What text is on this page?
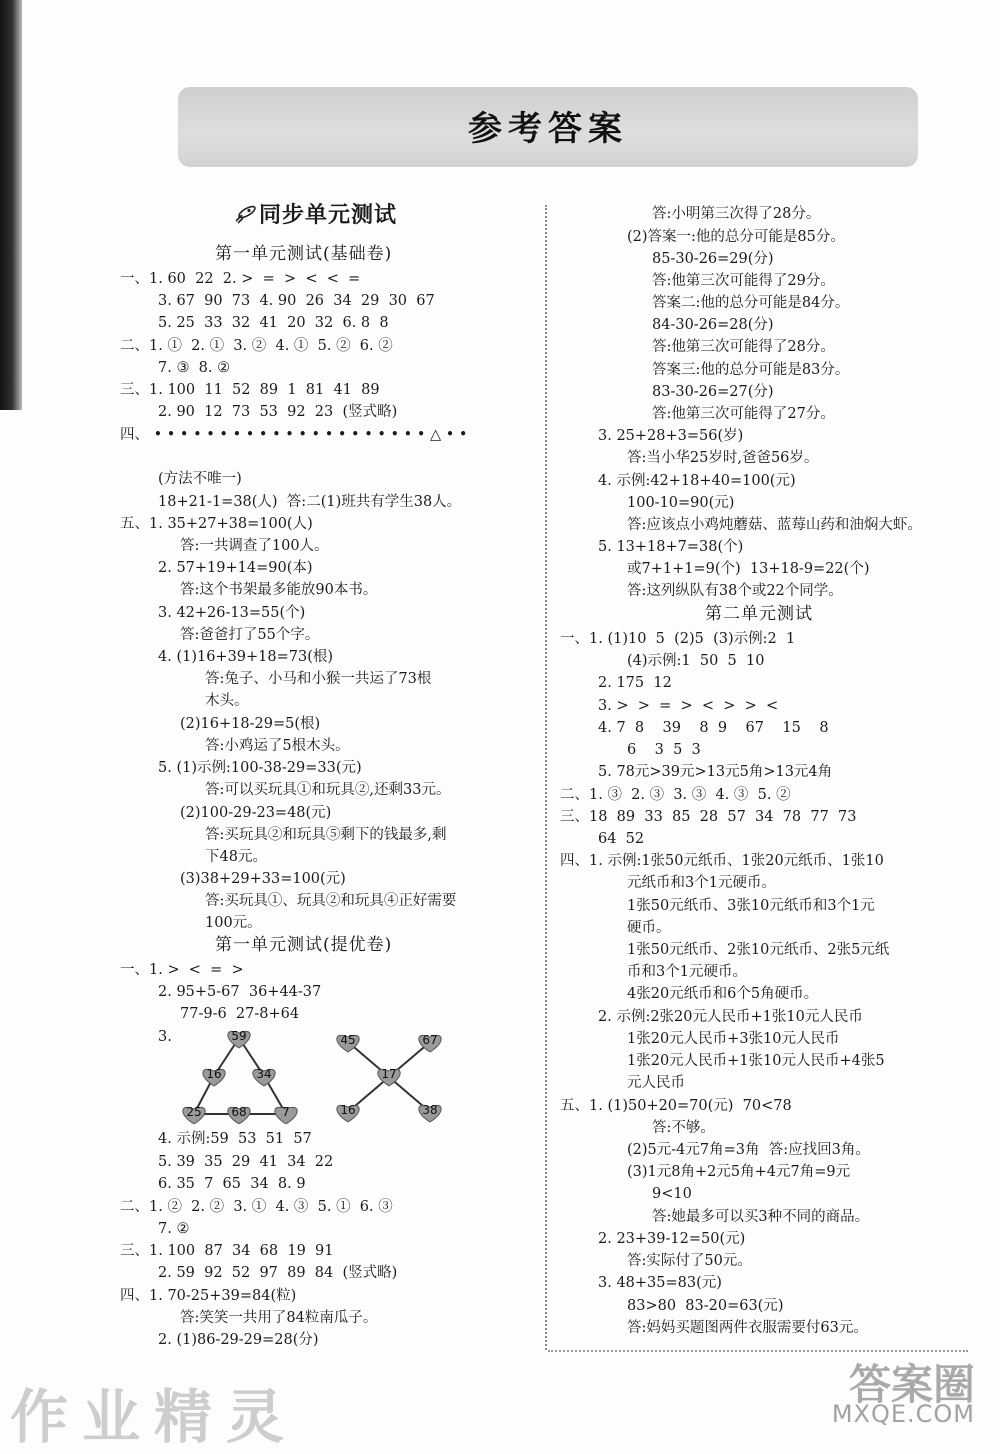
参考答案
同步单元测试
第一单元测试(基础卷)
一、1. 60  22  2. >  =  >  <  <  =
3. 67  90  73  4. 90  26  34  29  30  67
5. 25  33  32  41  20  32  6. 8  8
二、1. ①  2. ①  3. ②  4. ①  5. ②  6. ②
7. ③  8. ②
三、1. 100  11  52  89  1  81  41  89
2. 90  12  73  53  92  23  (竖式略)
四、 • • • • • • • • • • • • • • • • • • • • • △ • •
(方法不唯一)
18+21-1=38(人)  答:二(1)班共有学生38人。
五、1. 35+27+38=100(人)
答:一共调查了100人。
2. 57+19+14=90(本)
答:这个书架最多能放90本书。
3. 42+26-13=55(个)
答:爸爸打了55个字。
4. (1)16+39+18=73(根)
答:兔子、小马和小猴一共运了73根
木头。
(2)16+18-29=5(根)
答:小鸡运了5根木头。
5. (1)示例:100-38-29=33(元)
答:可以买玩具①和玩具②,还剩33元。
(2)100-29-23=48(元)
答:买玩具②和玩具⑤剩下的钱最多,剩
下48元。
(3)38+29+33=100(元)
答:买玩具①、玩具②和玩具④正好需要
100元。
第一单元测试(提优卷)
一、1. >  <  =  >
2. 95+5-67  36+44-37
77-9-6  27-8+64
3.
4. 示例:59  53  51  57
5. 39  35  29  41  34  22
6. 35  7  65  34  8. 9
二、1. ②  2. ②  3. ①  4. ③  5. ①  6. ③
7. ②
三、1. 100  87  34  68  19  91
2. 59  92  52  97  89  84  (竖式略)
四、1. 70-25+39=84(粒)
答:笑笑一共用了84粒南瓜子。
2. (1)86-29-29=28(分)
答:小明第三次得了28分。
(2)答案一:他的总分可能是85分。
85-30-26=29(分)
答:他第三次可能得了29分。
答案二:他的总分可能是84分。
84-30-26=28(分)
答:他第三次可能得了28分。
答案三:他的总分可能是83分。
83-30-26=27(分)
答:他第三次可能得了27分。
3. 25+28+3=56(岁)
答:当小华25岁时,爸爸56岁。
4. 示例:42+18+40=100(元)
100-10=90(元)
答:应该点小鸡炖蘑菇、蓝莓山药和油焖大虾。
5. 13+18+7=38(个)
或7+1+1=9(个)  13+18-9=22(个)
答:这列纵队有38个或22个同学。
第二单元测试
一、1. (1)10  5  (2)5  (3)示例:2  1
(4)示例:1  50  5  10
2. 175  12
3. >  >  =  >  <  >  >  <
4. 7  8    39    8  9    67    15    8
6    3  5  3
5. 78元>39元>13元5角>13元4角
二、1. ③  2. ③  3. ③  4. ③  5. ②
三、18  89  33  85  28  57  34  78  77  73
64  52
四、1. 示例:1张50元纸币、1张20元纸币、1张10
元纸币和3个1元硬币。
1张50元纸币、3张10元纸币和3个1元
硬币。
1张50元纸币、2张10元纸币、2张5元纸
币和3个1元硬币。
4张20元纸币和6个5角硬币。
2. 示例:2张20元人民币+1张10元人民币
1张20元人民币+3张10元人民币
1张20元人民币+1张10元人民币+4张5
元人民币
五、1. (1)50+20=70(元)  70<78
答:不够。
(2)5元-4元7角=3角  答:应找回3角。
(3)1元8角+2元5角+4元7角=9元
9<10
答:她最多可以买3种不同的商品。
2. 23+39-12=50(元)
答:实际付了50元。
3. 48+35=83(元)
83>80  83-20=63(元)
答:妈妈买题图两件衣服需要付63元。
59
16	34
25	68	7
45	67
17
16	38
作业精灵	答案圈
MXQE.COM
